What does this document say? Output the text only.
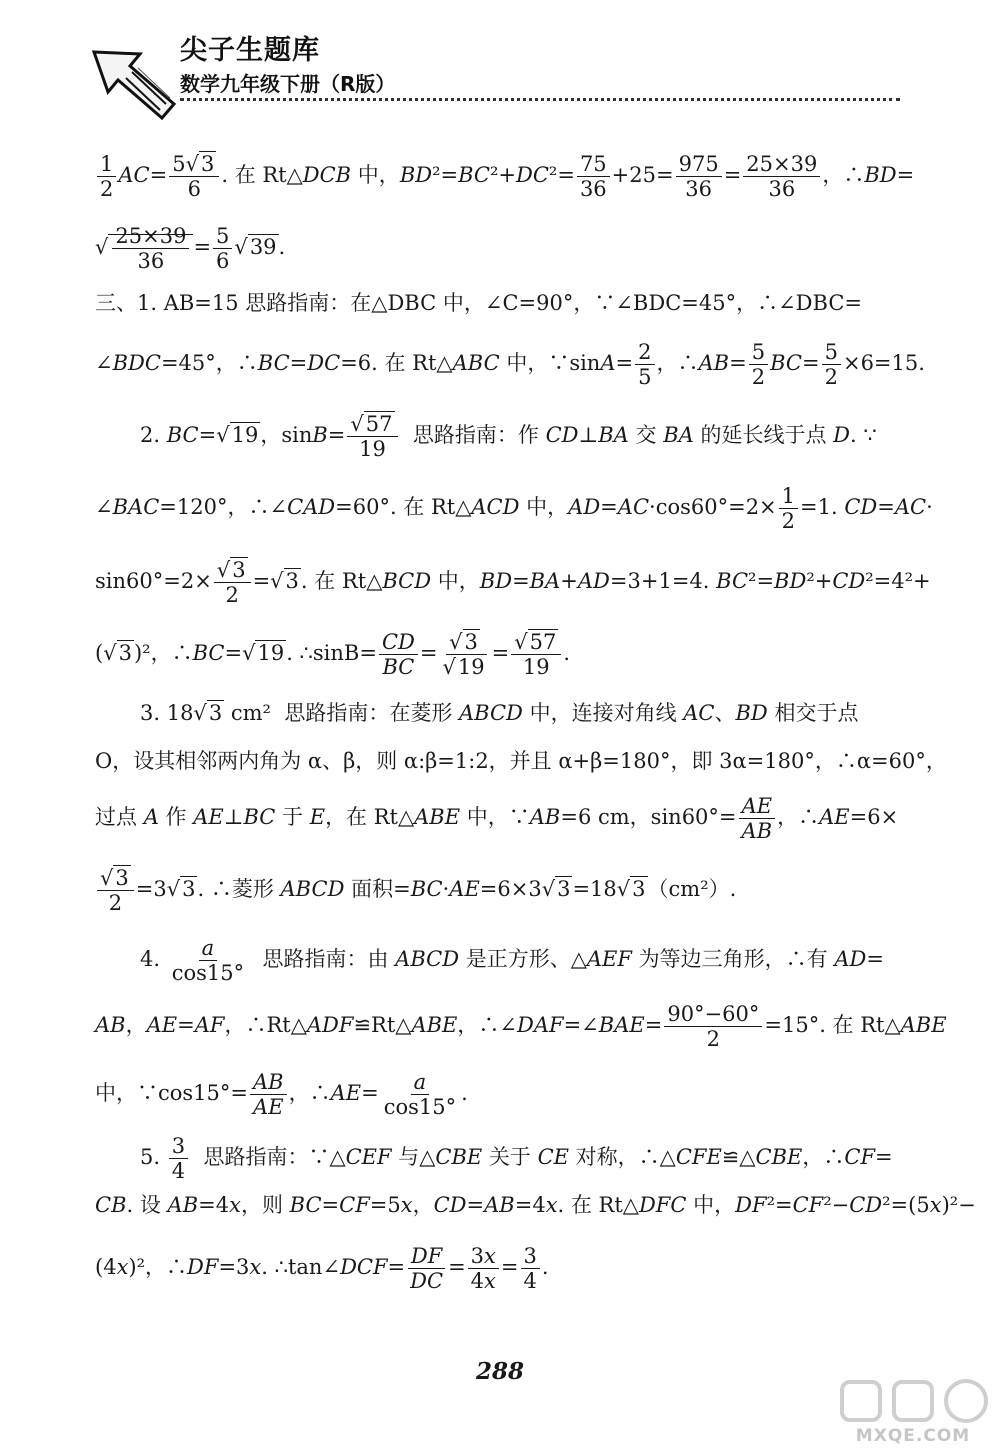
尖子生题库
数学九年级下册（R版）
$\frac{1}{2} AC= \frac{5√3}{6}$ . 在 Rt△DCB 中，$BD^2=BC^2+DC^2= \frac{75}{36} +25= \frac{975}{36} = \frac{25\times 39}{36}$ ，∴BD=
√ $\frac{25\times 39}{36} = \frac{5}{6} √39$.
三、1. AB=15 思路指南：在△DBC 中，∠C=90°，∵∠BDC=45°，∴∠DBC=
∠BDC=45°，∴BC=DC=6. 在 Rt△ABC 中，∵sinA= $\frac{2}{5}$ ，∴AB= $\frac{5}{2} BC= \frac{5}{2} \times 6=15$.
2. BC=√19，$\sin B= \frac{√57}{19}$ 思路指南：作 CD⊥BA 交 BA 的延长线于点 D. ∵
∠BAC=120°，∴∠CAD=60°. 在 Rt△ACD 中，$AD=AC\cdot\cos 60^\circ=2\times \frac{1}{2} =1$. CD=AC·
$\sin 60^\circ=2\times \frac{√3}{2} =√3$. 在 Rt△BCD 中，BD=BA+AD=3+1=4. BC²=BD²+CD²=4²+
(√3)²，∴BC=√19. ∴sinB= $\frac{CD}{BC} = \frac{√3}{√19} = \frac{√57}{19}$ .
3. 18√3 cm²  思路指南：在菱形 ABCD 中，连接对角线 AC、BD 相交于点
O，设其相邻两内角为 α、β，则 α:β=1:2，并且 α+β=180°，即 3α=180°，∴α=60°，
过点 A 作 AE⊥BC 于 E，在 Rt△ABE 中，∵AB=6 cm，$\sin 60^\circ= \frac{AE}{AB}$ ，∴AE=6×
$\frac{√3}{2} =3√3$. ∴菱形 ABCD 面积=BC·AE=6×3√3=18√3（cm²）.
4. $\frac{a}{\cos 15^\circ}$ 思路指南：由 ABCD 是正方形、△AEF 为等边三角形，∴有 AD=
AB，AE=AF，∴Rt△ADF≌Rt△ABE，∴∠DAF=∠BAE= $\frac{90^\circ-60^\circ}{2} =15^\circ$. 在 Rt△ABE
中，∵cos15°= $\frac{AB}{AE}$ ，∴AE= $\frac{a}{\cos 15^\circ}$ .
5. $\frac{3}{4}$ 思路指南：∵△CEF 与△CBE 关于 CE 对称，∴△CFE≌△CBE，∴CF=
CB. 设 AB=4x，则 BC=CF=5x，CD=AB=4x. 在 Rt△DFC 中，DF²=CF²−CD²=(5x)²−
(4x)²，∴DF=3x. ∴tan∠DCF= $\frac{DF}{DC} = \frac{3x}{4x} = \frac{3}{4}$ .
288
MXQE.COM
